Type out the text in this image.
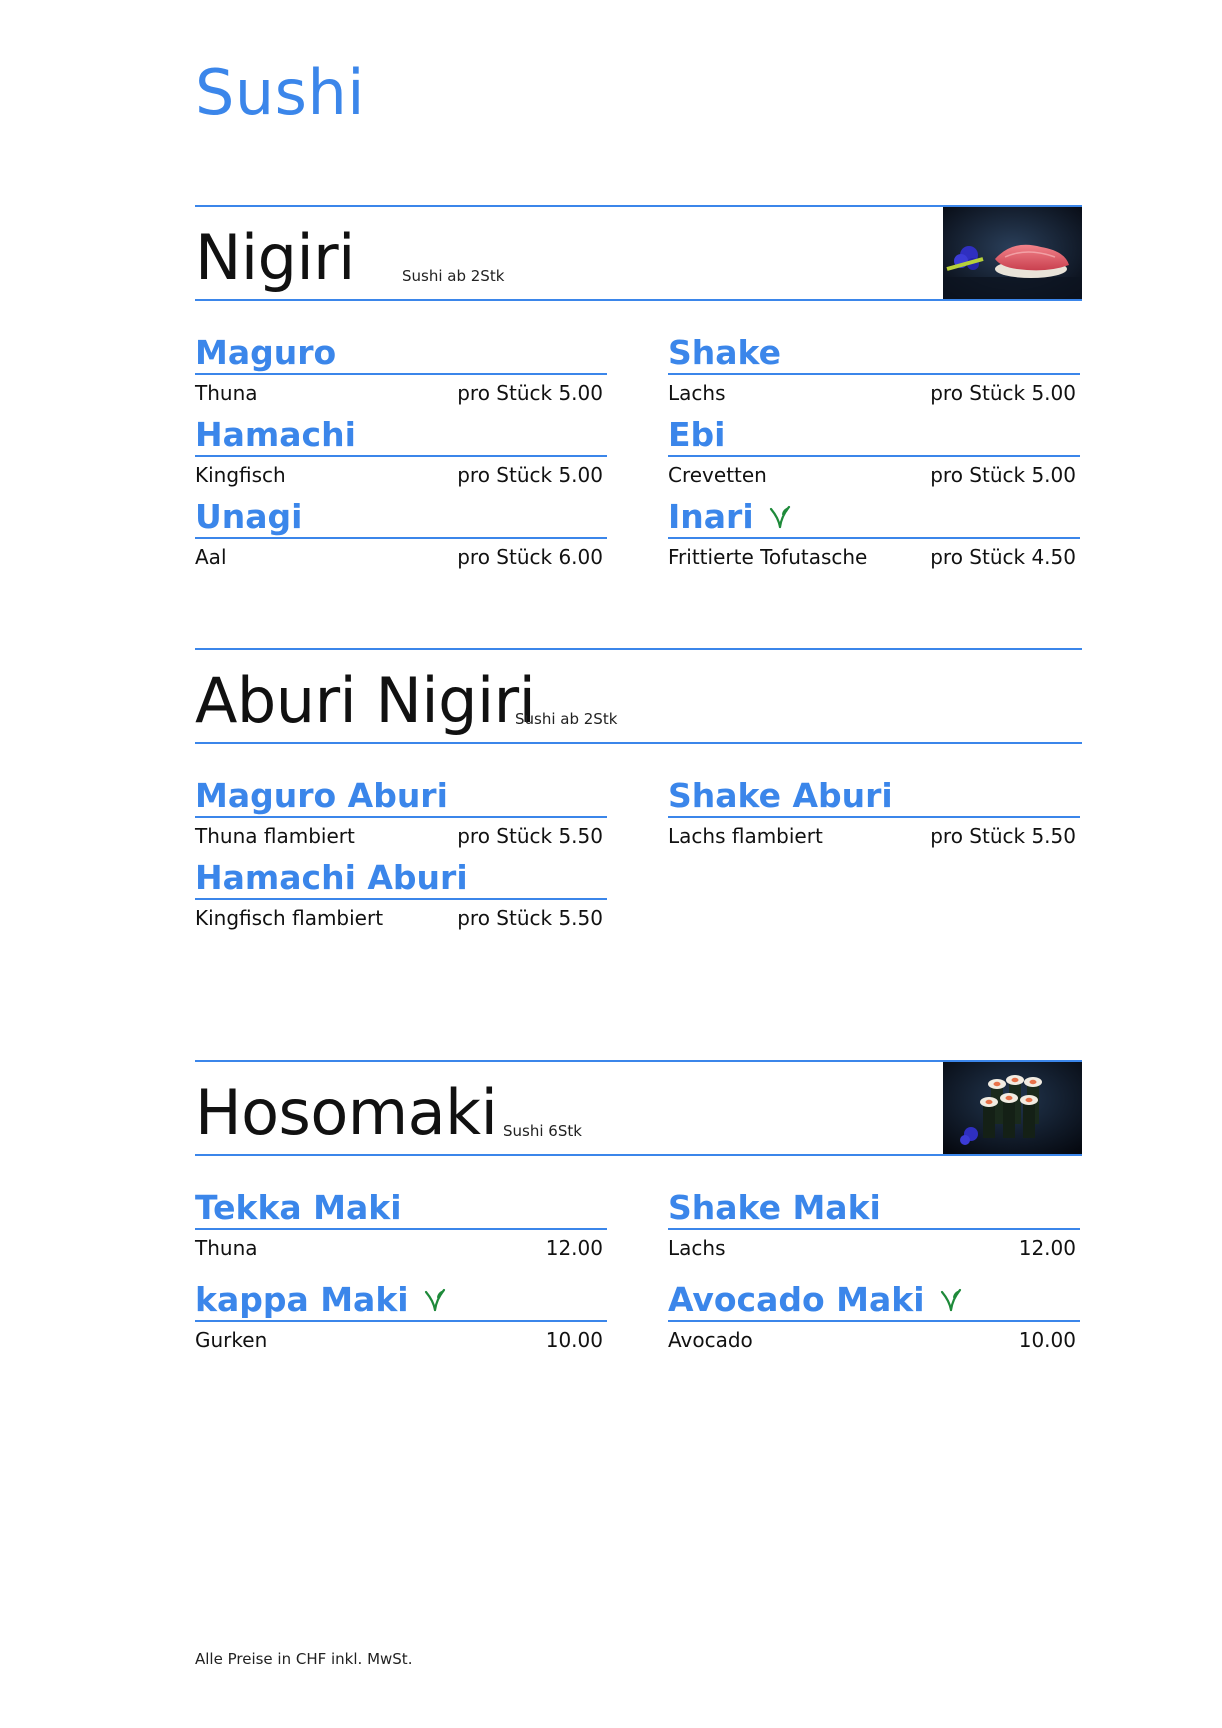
Sushi
Nigiri	Sushi ab 2Stk
Maguro
Thuna	pro Stück 5.00
Shake
Lachs	pro Stück 5.00
Hamachi
Kingfisch	pro Stück 5.00
Ebi
Crevetten	pro Stück 5.00
Unagi
Aal	pro Stück 6.00
Inari
Frittierte Tofutasche	pro Stück 4.50
Aburi Nigiri
Sushi ab 2Stk
Maguro Aburi
Thuna flambiert	pro Stück 5.50
Shake Aburi
Lachs flambiert	pro Stück 5.50
Hamachi Aburi
Kingfisch flambiert	pro Stück 5.50
Hosomaki Sushi 6Stk
Tekka Maki
Thuna	12.00
Shake Maki
Lachs	12.00
kappa Maki
Gurken	10.00
Avocado Maki
Avocado	10.00
Alle Preise in CHF inkl. MwSt.
